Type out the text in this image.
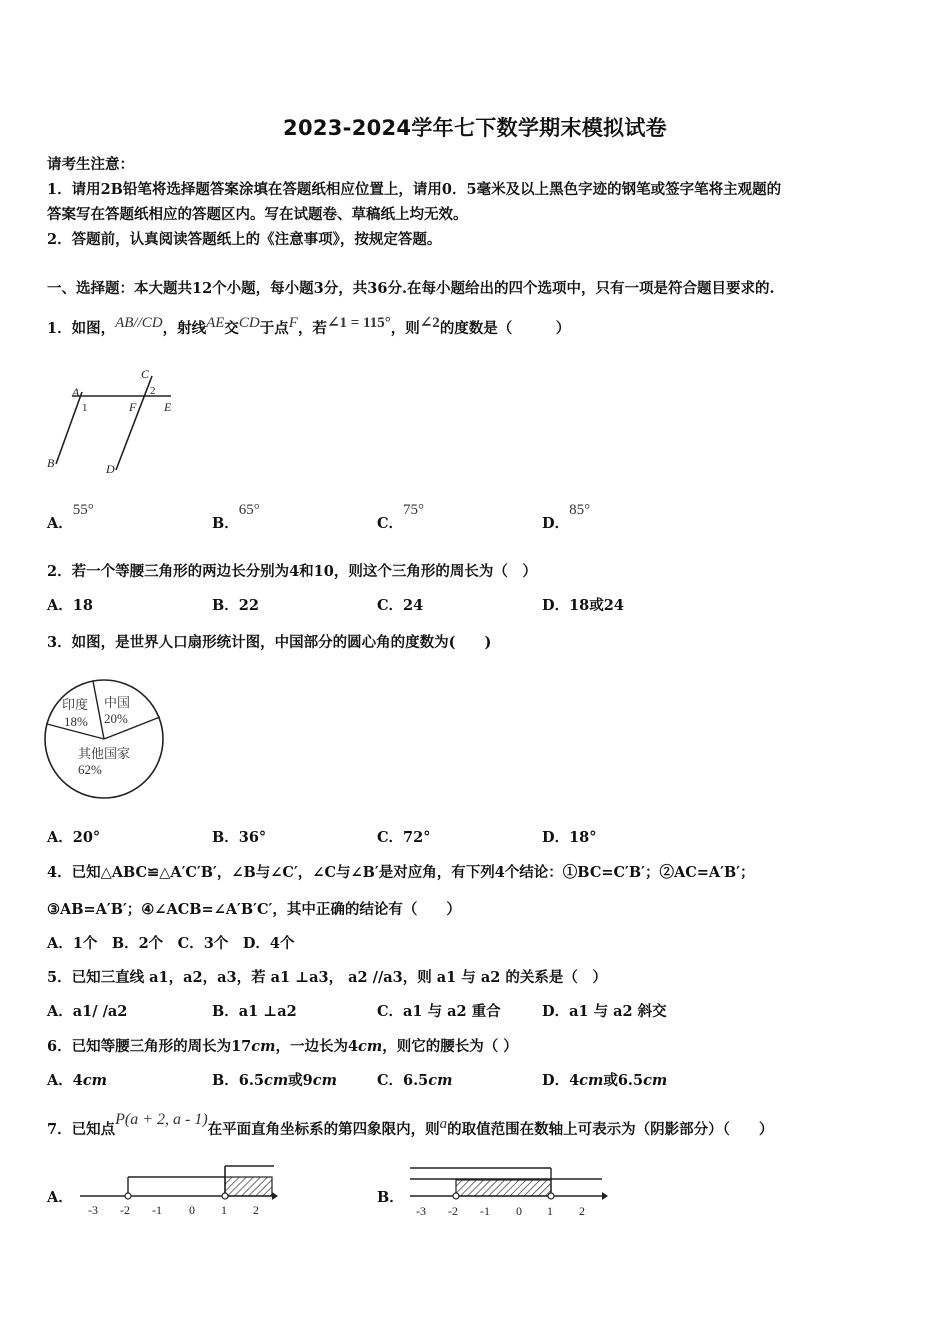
2023-2024学年七下数学期末模拟试卷
请考生注意：
1．请用2B铅笔将选择题答案涂填在答题纸相应位置上，请用0．5毫米及以上黑色字迹的钢笔或签字笔将主观题的
答案写在答题纸相应的答题区内。写在试题卷、草稿纸上均无效。
2．答题前，认真阅读答题纸上的《注意事项》，按规定答题。
一、选择题：本大题共12个小题，每小题3分，共36分.在每小题给出的四个选项中，只有一项是符合题目要求的.
1．如图，$^{AB//CD}$，射线$^{AE}$交$^{CD}$于点$^F$，若$^{\angle 1 = 115^\circ}$，则$^{\angle 2}$的度数是（　　　）
A
1
B
C
2
F E
D
A．$^{55^\circ}$
B．$^{65^\circ}$
C．$^{75^\circ}$
D．$^{85^\circ}$
2．若一个等腰三角形的两边长分别为4和10，则这个三角形的周长为（　）
A．18	B．22	C．24	D．18或24
3．如图，是世界人口扇形统计图，中国部分的圆心角的度数为(　　)
印度
18%
中国
20%
其他国家
62%
A．20°	B．36°	C．72°	D．18°
4．已知△ABC≌△A′C′B′，∠B与∠C′，∠C与∠B′是对应角，有下列4个结论：①BC=C′B′；②AC=A′B′；
③AB=A′B′；④∠ACB=∠A′B′C′，其中正确的结论有（　　）
A．1个　B．2个　C．3个　D．4个
5．已知三直线 a1，a2，a3，若 a1 ⊥a3， a2 //a3，则 a1 与 a2 的关系是（　）
A．a1/ /a2	B．a1 ⊥a2	C．a1 与 a2 重合	D．a1 与 a2 斜交
6．已知等腰三角形的周长为17cm，一边长为4cm，则它的腰长为（ ）
A．4cm	B．6.5cm或9cm	C．6.5cm	D．4cm或6.5cm
7．已知点$^{P(a + 2, a - 1)}$在平面直角坐标系的第四象限内，则$^a$的取值范围在数轴上可表示为（阴影部分）（　　）
A．	B．
-3 -2 -1 0 1 2	-3 -2 -1 0 1 2
